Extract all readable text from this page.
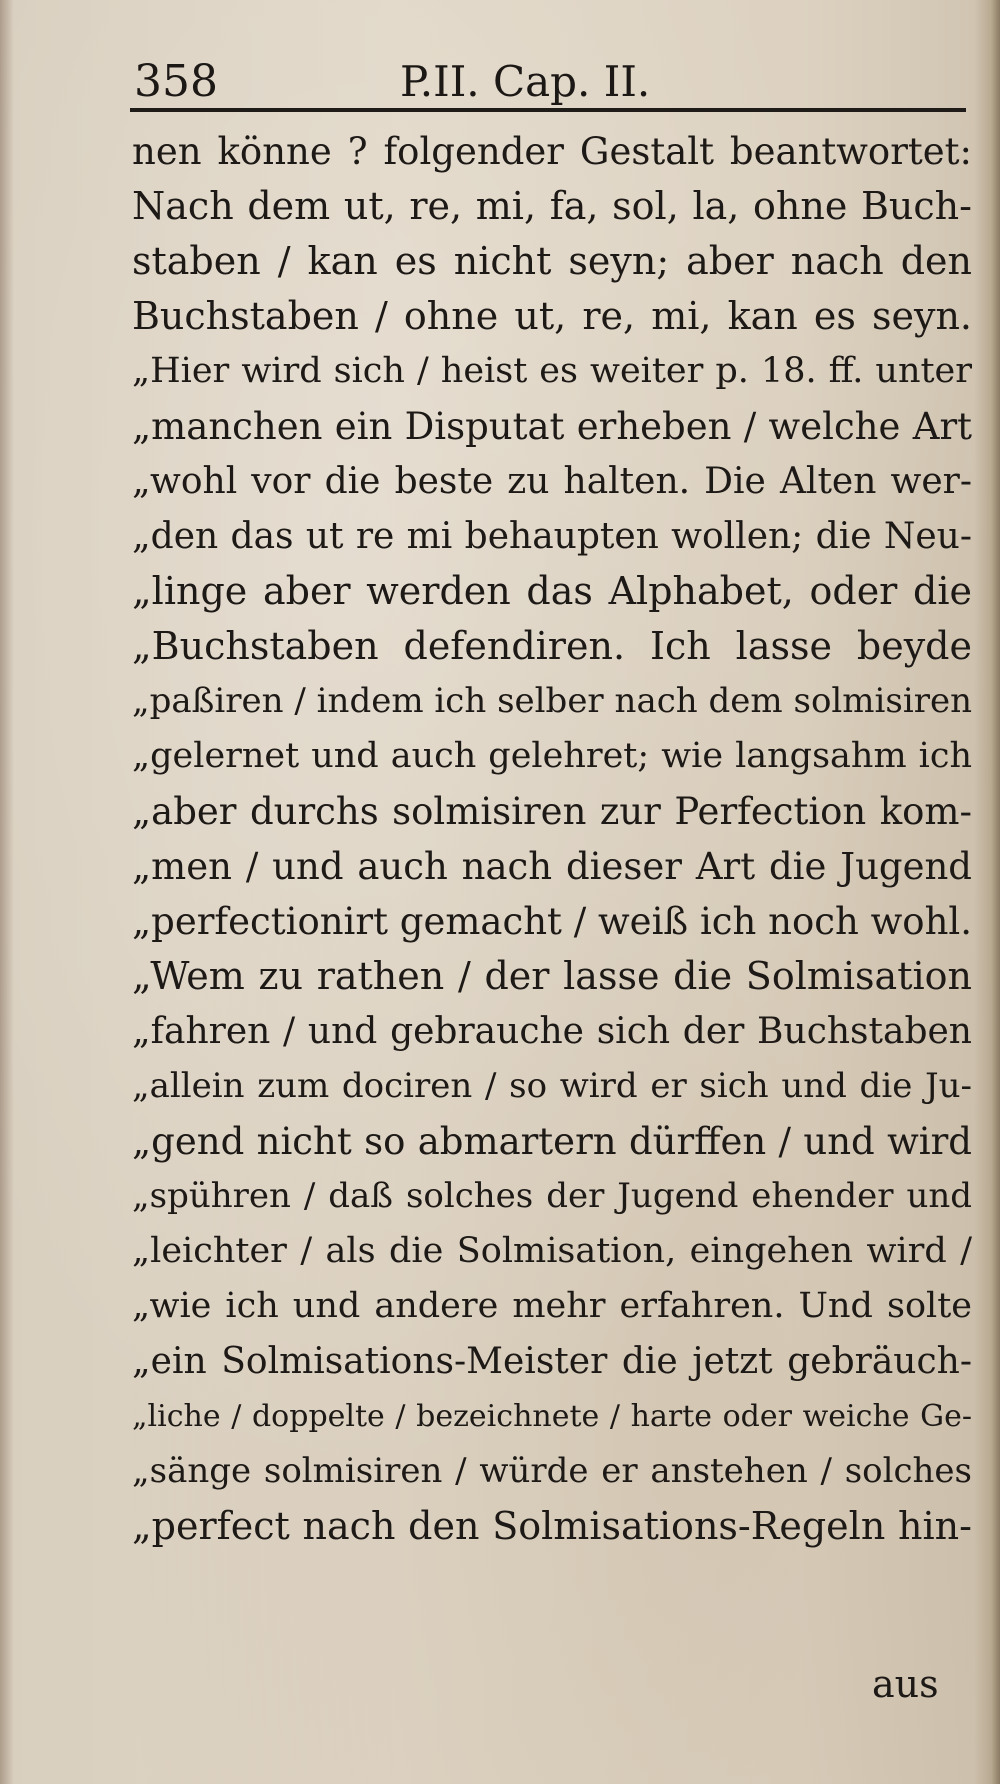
358	P.II. Cap. II.
nen könne ? folgender Gestalt beantwortet:
Nach dem ut, re, mi, fa, sol, la, ohne Buch-
staben / kan es nicht seyn; aber nach den
Buchstaben / ohne ut, re, mi, kan es seyn.
„Hier wird sich / heist es weiter p. 18. ff. unter
„manchen ein Disputat erheben / welche Art
„wohl vor die beste zu halten. Die Alten wer-
„den das ut re mi behaupten wollen; die Neu-
„linge aber werden das Alphabet, oder die
„Buchstaben defendiren. Ich lasse beyde
„paßiren / indem ich selber nach dem solmisiren
„gelernet und auch gelehret; wie langsahm ich
„aber durchs solmisiren zur Perfection kom-
„men / und auch nach dieser Art die Jugend
„perfectionirt gemacht / weiß ich noch wohl.
„Wem zu rathen / der lasse die Solmisation
„fahren / und gebrauche sich der Buchstaben
„allein zum dociren / so wird er sich und die Ju-
„gend nicht so abmartern dürffen / und wird
„spühren / daß solches der Jugend ehender und
„leichter / als die Solmisation, eingehen wird /
„wie ich und andere mehr erfahren. Und solte
„ein Solmisations-Meister die jetzt gebräuch-
„liche / doppelte / bezeichnete / harte oder weiche Ge-
„sänge solmisiren / würde er anstehen / solches
„perfect nach den Solmisations-Regeln hin-
aus
